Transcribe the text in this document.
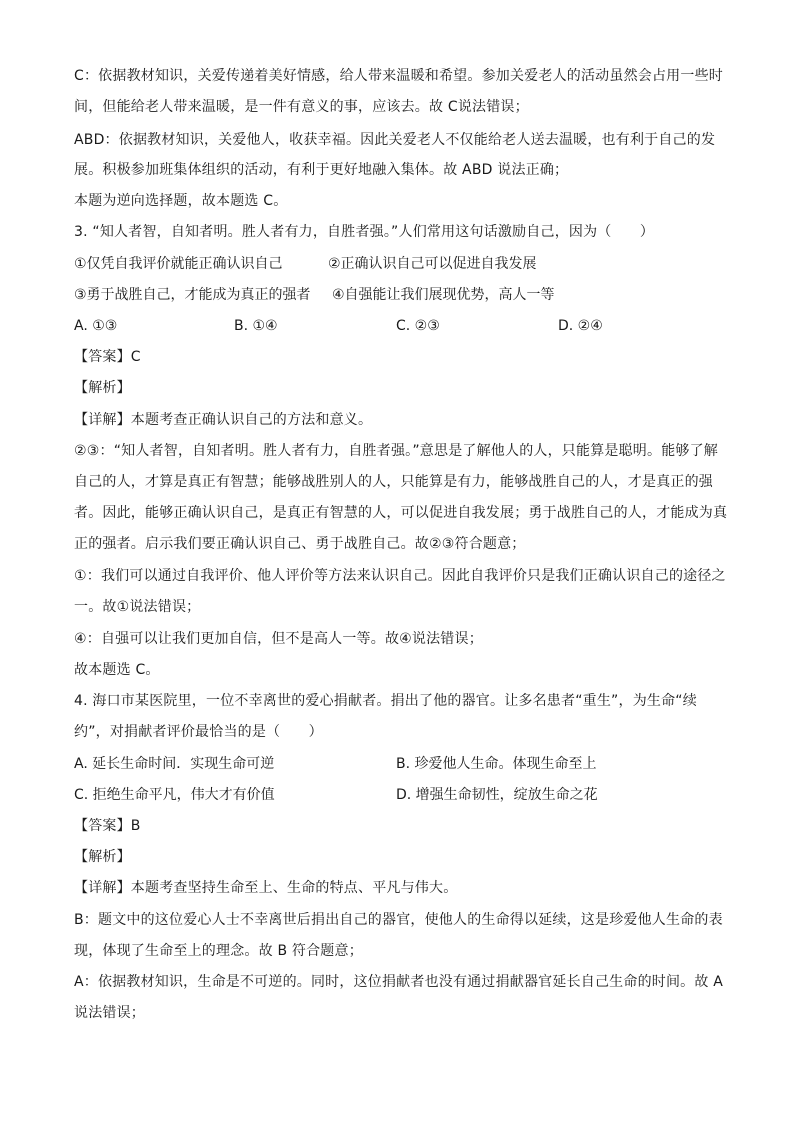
C：依据教材知识，关爱传递着美好情感，给人带来温暖和希望。参加关爱老人的活动虽然会占用一些时
间，但能给老人带来温暖，是一件有意义的事，应该去。故 C说法错误；
ABD：依据教材知识，关爱他人，收获幸福。因此关爱老人不仅能给老人送去温暖，也有利于自己的发
展。积极参加班集体组织的活动，有利于更好地融入集体。故 ABD 说法正确；
本题为逆向选择题，故本题选 C。
3. “知人者智，自知者明。胜人者有力，自胜者强。”人们常用这句话激励自己，因为（　　）
①仅凭自我评价就能正确认识自己	②正确认识自己可以促进自我发展
③勇于战胜自己，才能成为真正的强者 ④自强能让我们展现优势，高人一等
A. ①③	B. ①④	C. ②③	D. ②④
【答案】C
【解析】
【详解】本题考查正确认识自己的方法和意义。
②③：“知人者智，自知者明。胜人者有力，自胜者强。”意思是了解他人的人，只能算是聪明。能够了解
自己的人，才算是真正有智慧；能够战胜别人的人，只能算是有力，能够战胜自己的人，才是真正的强
者。因此，能够正确认识自己，是真正有智慧的人，可以促进自我发展；勇于战胜自己的人，才能成为真
正的强者。启示我们要正确认识自己、勇于战胜自己。故②③符合题意；
①：我们可以通过自我评价、他人评价等方法来认识自己。因此自我评价只是我们正确认识自己的途径之
一。故①说法错误；
④：自强可以让我们更加自信，但不是高人一等。故④说法错误；
故本题选 C。
4. 海口市某医院里，一位不幸离世的爱心捐献者。捐出了他的器官。让多名患者“重生”，为生命“续
约”，对捐献者评价最恰当的是（　　）
A. 延长生命时间．实现生命可逆	B. 珍爱他人生命。体现生命至上
C. 拒绝生命平凡，伟大才有价值	D. 增强生命韧性，绽放生命之花
【答案】B
【解析】
【详解】本题考查坚持生命至上、生命的特点、平凡与伟大。
B：题文中的这位爱心人士不幸离世后捐出自己的器官，使他人的生命得以延续，这是珍爱他人生命的表
现，体现了生命至上的理念。故 B 符合题意；
A：依据教材知识，生命是不可逆的。同时，这位捐献者也没有通过捐献器官延长自己生命的时间。故 A
说法错误；
